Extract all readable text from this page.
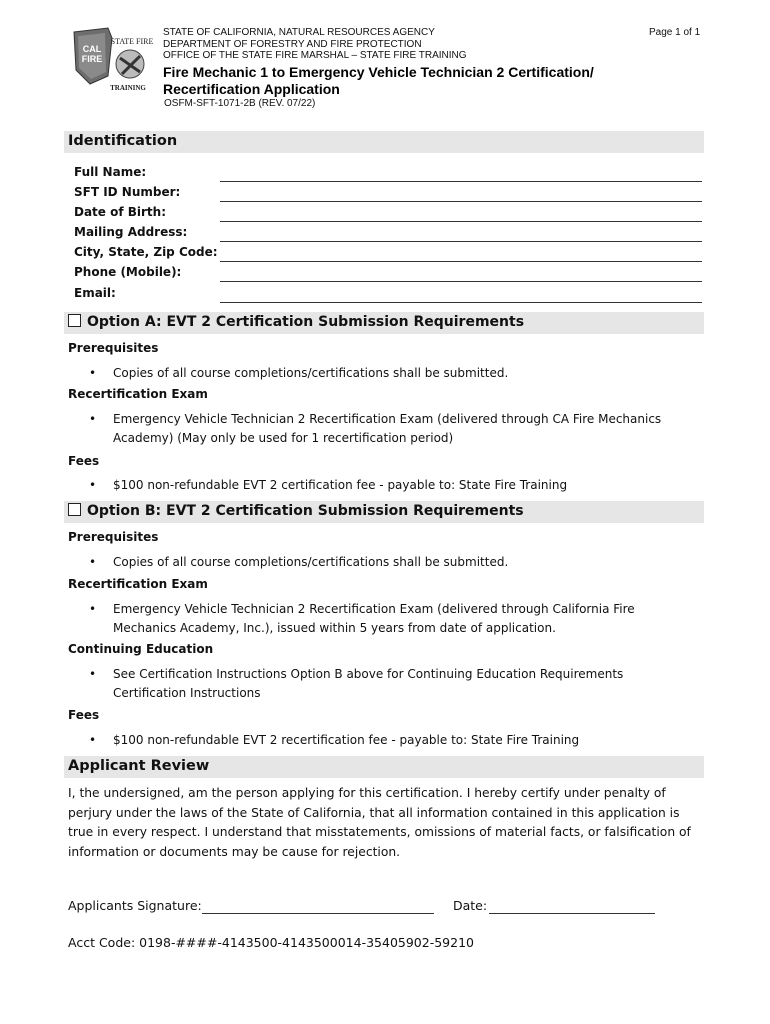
CAL
FIRE
STATE FIRE
TRAINING
STATE OF CALIFORNIA, NATURAL RESOURCES AGENCY
DEPARTMENT OF FORESTRY AND FIRE PROTECTION
OFFICE OF THE STATE FIRE MARSHAL – STATE FIRE TRAINING
Page 1 of 1
Fire Mechanic 1 to Emergency Vehicle Technician 2 Certification/
Recertification Application
OSFM-SFT-1071-2B (REV. 07/22)
Identification
Full Name:
SFT ID Number:
Date of Birth:
Mailing Address:
City, State, Zip Code:
Phone (Mobile):
Email:
Option A: EVT 2 Certification Submission Requirements
Prerequisites
• Copies of all course completions/certifications shall be submitted.
Recertification Exam
• Emergency Vehicle Technician 2 Recertification Exam (delivered through CA Fire Mechanics
Academy) (May only be used for 1 recertification period)
Fees
• $100 non-refundable EVT 2 certification fee - payable to: State Fire Training
Option B: EVT 2 Certification Submission Requirements
Prerequisites
• Copies of all course completions/certifications shall be submitted.
Recertification Exam
• Emergency Vehicle Technician 2 Recertification Exam (delivered through California Fire
Mechanics Academy, Inc.), issued within 5 years from date of application.
Continuing Education
• See Certification Instructions Option B above for Continuing Education Requirements
Certification Instructions
Fees
• $100 non-refundable EVT 2 recertification fee - payable to: State Fire Training
Applicant Review
I, the undersigned, am the person applying for this certification. I hereby certify under penalty of
perjury under the laws of the State of California, that all information contained in this application is
true in every respect. I understand that misstatements, omissions of material facts, or falsification of
information or documents may be cause for rejection.
Applicants Signature:	Date:
Acct Code: 0198-####-4143500-4143500014-35405902-59210
